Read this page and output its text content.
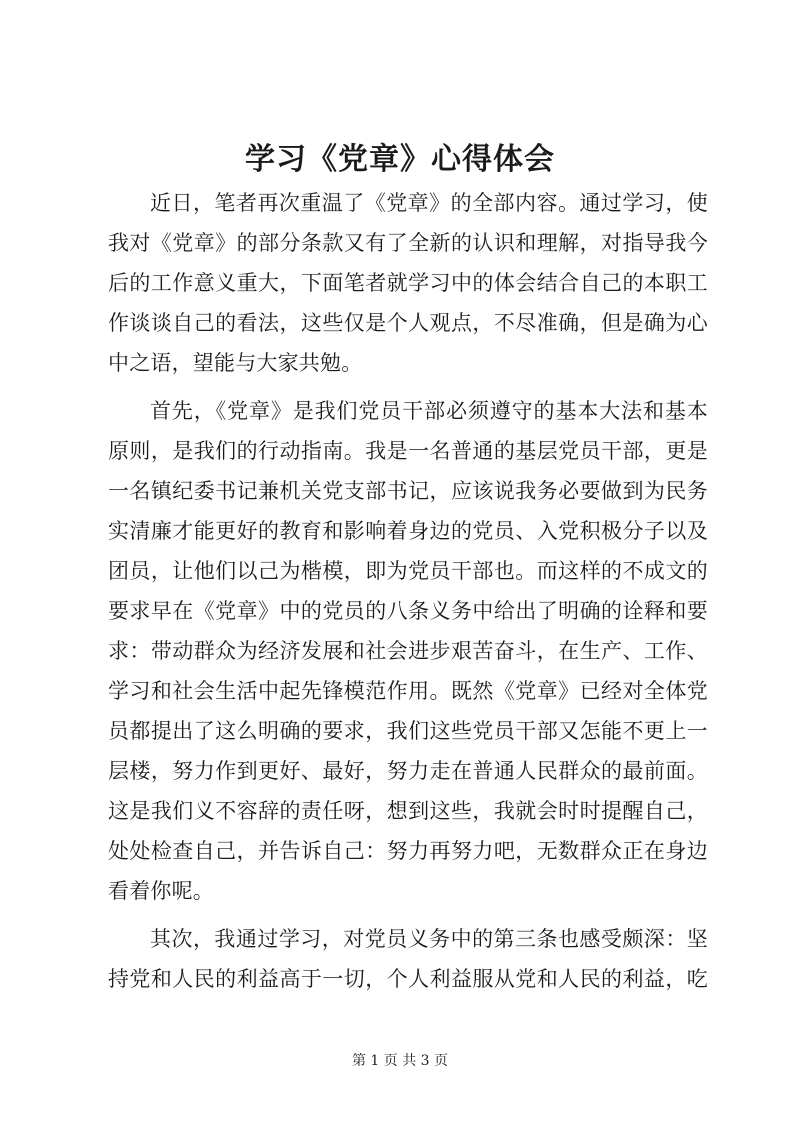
学习《党章》心得体会
近日，笔者再次重温了《党章》的全部内容。通过学习，使
我对《党章》的部分条款又有了全新的认识和理解，对指导我今
后的工作意义重大，下面笔者就学习中的体会结合自己的本职工
作谈谈自己的看法，这些仅是个人观点，不尽准确，但是确为心
中之语，望能与大家共勉。
首先，《党章》是我们党员干部必须遵守的基本大法和基本
原则，是我们的行动指南。我是一名普通的基层党员干部，更是
一名镇纪委书记兼机关党支部书记，应该说我务必要做到为民务
实清廉才能更好的教育和影响着身边的党员、入党积极分子以及
团员，让他们以己为楷模，即为党员干部也。而这样的不成文的
要求早在《党章》中的党员的八条义务中给出了明确的诠释和要
求：带动群众为经济发展和社会进步艰苦奋斗，在生产、工作、
学习和社会生活中起先锋模范作用。既然《党章》已经对全体党
员都提出了这么明确的要求，我们这些党员干部又怎能不更上一
层楼，努力作到更好、最好，努力走在普通人民群众的最前面。
这是我们义不容辞的责任呀，想到这些，我就会时时提醒自己，
处处检查自己，并告诉自己：努力再努力吧，无数群众正在身边
看着你呢。
其次，我通过学习，对党员义务中的第三条也感受颇深：坚
持党和人民的利益高于一切，个人利益服从党和人民的利益，吃
第 1 页 共 3 页
